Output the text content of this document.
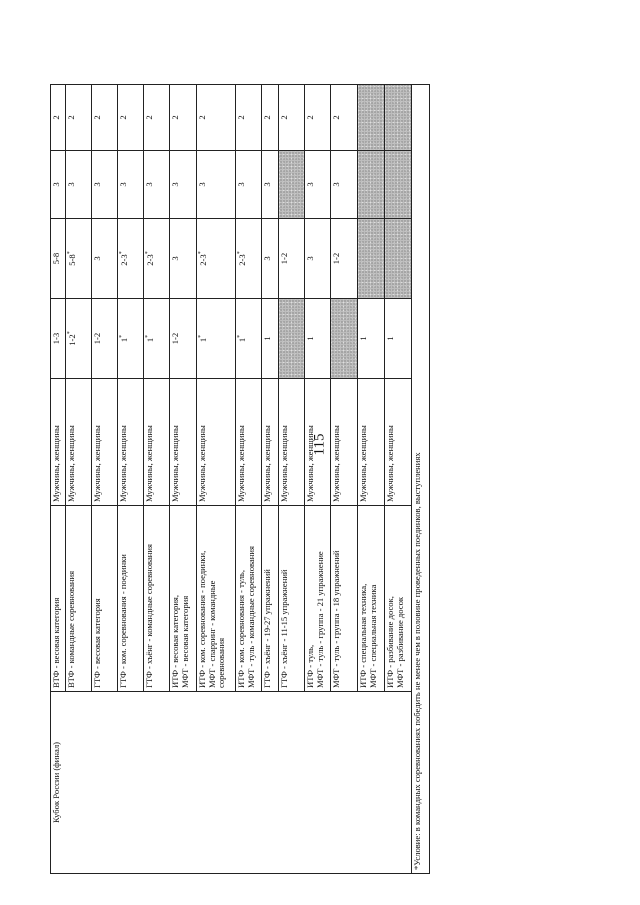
115
Кубок России (финал)	ВТФ - весовая категория	Мужчины, женщины	1-3	5-8	3	2

	ВТФ - командные соревнования	Мужчины, женщины	1-2*	5-8*	3	2

	ГТФ - весовая категория	Мужчины, женщины	1-2	3	3	2

	ГТФ - ком. соревнования - поединки	Мужчины, женщины	1*	2-3*	3	2

	ГТФ - хъёнг - командные соревнования	Мужчины, женщины	1*	2-3*	3	2

	ИТФ - весовая категория, МФТ - весовая категория	Мужчины, женщины	1-2	3	3	2

	ИТФ - ком. соревнования - поединки, МФТ - спарринг - командные соревнования	Мужчины, женщины	1*	2-3*	3	2

	ИТФ - ком. соревнования - туль, МФТ - туль - командные соревнования	Мужчины, женщины	1*	2-3*	3	2

	ГТФ - хъёнг - 19-27 упражнений	Мужчины, женщины	1	3	3	2

	ГТФ - хъёнг - 11-15 упражнений	Мужчины, женщины		1-2		2

	ИТФ - туль, МФТ - туль - группа - 21 упражнение	Мужчины, женщины	1	3	3	2

	МФТ - туль - группа - 18 упражнений	Мужчины, женщины		1-2	3	2

	ИТФ - специальная техника, МФТ - специальная техника	Мужчины, женщины	1			

	ИТФ - разбивание досок, МФТ - разбивание досок	Мужчины, женщины	1			
*Условие: в командных соревнованиях победить не менее чем в половине проведенных поединков, выступлениях						
